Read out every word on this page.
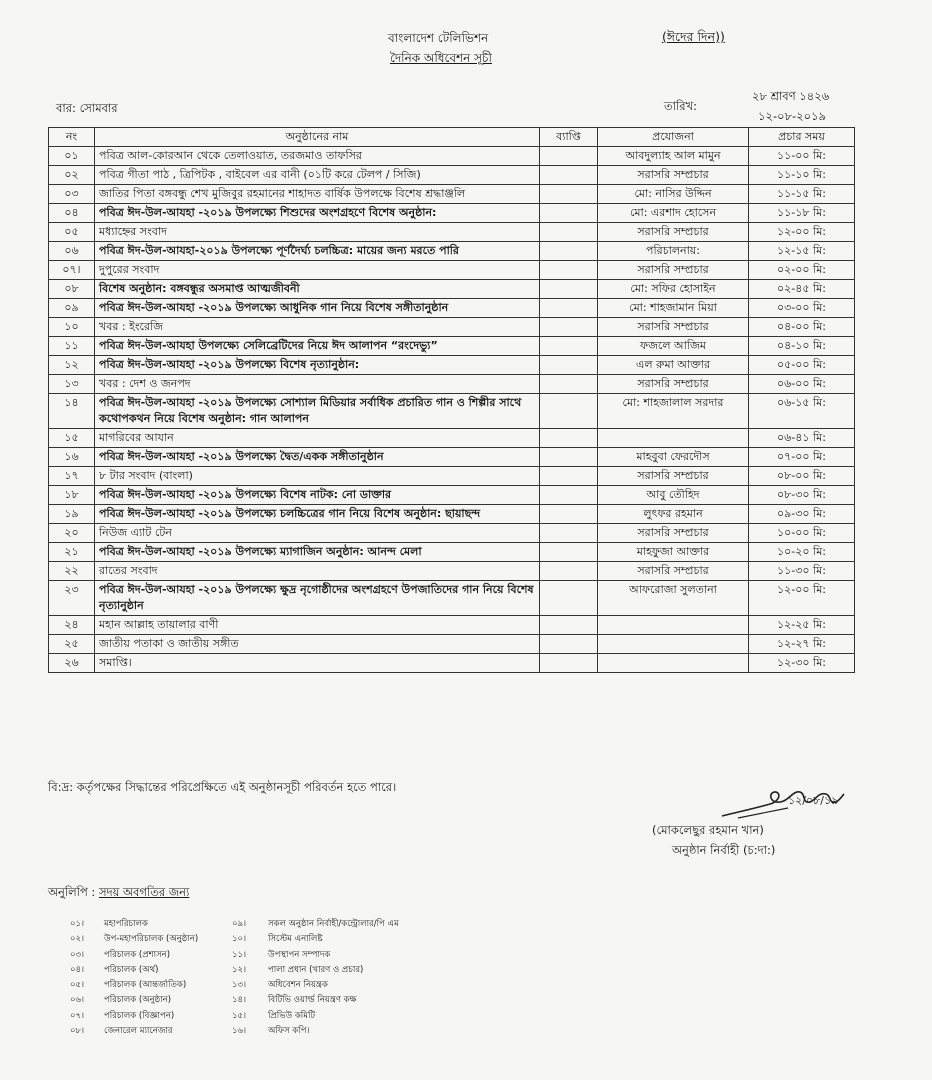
বাংলাদেশ টেলিভিশন	(ঈদের দিন))
দৈনিক অধিবেশন সূচী
বার: সোমবার	তারিখ:
২৮ শ্রাবণ ১৪২৬
১২-০৮-২০১৯
নং	অনুষ্ঠানের নাম	ব্যাপ্তি	প্রযোজনা	প্রচার সময়
০১	পবিত্র আল-কোরআন থেকে তেলাওয়াত, তরজমাও তাফসির		আবদুল্যাহ আল মামুন	১১-০০ মি:
০২	পবিত্র গীতা পাঠ , ত্রিপিটক , বাইবেল এর বানী (০১টি করে টেলপ / সিজি)		সরাসরি সম্প্রচার	১১-১০ মি:
০৩	জাতির পিতা বঙ্গবন্ধু শেখ মুজিবুর রহমানের শাহাদত বার্ষিক উপলক্ষে বিশেষ শ্রদ্ধাঞ্জলি		মো: নাসির উদ্দিন	১১-১৫ মি:
০৪	পবিত্র ঈদ-উল-আযহা -২০১৯ উপলক্ষ্যে শিশুদের অংশগ্রহণে বিশেষ অনুষ্ঠান:		মো: এরশাদ হোসেন	১১-১৮ মি:
০৫	মধ্যাহ্নের সংবাদ		সরাসরি সম্প্রচার	১২-০০ মি:
০৬	পবিত্র ঈদ-উল-আযহা-২০১৯ উপলক্ষ্যে পূর্ণদৈর্ঘ্য চলচ্চিত্র: মায়ের জন্য মরতে পারি		পরিচালনায়:	১২-১৫ মি:
০৭।	দুপুরের সংবাদ		সরাসরি সম্প্রচার	০২-০০ মি:
০৮	বিশেষ অনুষ্ঠান: বঙ্গবন্ধুর অসমাপ্ত আত্মজীবনী		মো: সফির হোসাইন	০২-৪৫ মি:
০৯	পবিত্র ঈদ-উল-আযহা -২০১৯ উপলক্ষ্যে আধুনিক গান নিয়ে বিশেষ সঙ্গীতানুষ্ঠান		মো: শাহজামান মিয়া	০৩-০০ মি:
১০	খবর : ইংরেজি		সরাসরি সম্প্রচার	০৪-০০ মি:
১১	পবিত্র ঈদ-উল-আযহা উপলক্ষ্যে সেলিব্রেটিদের নিয়ে ঈদ আলাপন “রংদেভ্যু”		ফজলে আজিম	০৪-১০ মি:
১২	পবিত্র ঈদ-উল-আযহা -২০১৯ উপলক্ষ্যে বিশেষ নৃত্যানুষ্ঠান:		এল রুমা আক্তার	০৫-০০ মি:
১৩	খবর : দেশ ও জনপদ		সরাসরি সম্প্রচার	০৬-০০ মি:
১৪	পবিত্র ঈদ-উল-আযহা -২০১৯ উপলক্ষ্যে সোশ্যাল মিডিয়ার সর্বাধিক প্রচারিত গান ও শিল্পীর সাথে কথোপকথন নিয়ে বিশেষ অনুষ্ঠান: গান আলাপন		মো: শাহজালাল সরদার	০৬-১৫ মি:
১৫	মাগরিবের আযান			০৬-৪১ মি:
১৬	পবিত্র ঈদ-উল-আযহা -২০১৯ উপলক্ষ্যে দ্বৈত/একক সঙ্গীতানুষ্ঠান		মাহবুবা ফেরদৌস	০৭-০০ মি:
১৭	৮ টার সংবাদ (বাংলা)		সরাসরি সম্প্রচার	০৮-০০ মি:
১৮	পবিত্র ঈদ-উল-আযহা -২০১৯ উপলক্ষ্যে বিশেষ নাটক: নো ডাক্তার		আবু তৌহিদ	০৮-৩০ মি:
১৯	পবিত্র ঈদ-উল-আযহা -২০১৯ উপলক্ষ্যে চলচ্চিত্রের গান নিয়ে বিশেষ অনুষ্ঠান: ছায়াছন্দ		লুৎফর রহমান	০৯-৩০ মি:
২০	নিউজ এ্যাট টেন		সরাসরি সম্প্রচার	১০-০০ মি:
২১	পবিত্র ঈদ-উল-আযহা -২০১৯ উপলক্ষ্যে ম্যাগাজিন অনুষ্ঠান: আনন্দ মেলা		মাহফুজা আক্তার	১০-২০ মি:
২২	রাতের সংবাদ		সরাসরি সম্প্রচার	১১-৩০ মি:
২৩	পবিত্র ঈদ-উল-আযহা -২০১৯ উপলক্ষ্যে ক্ষুদ্র নৃগোষ্ঠীদের অংশগ্রহণে উপজাতিদের গান নিয়ে বিশেষ নৃত্যানুষ্ঠান		আফরোজা সুলতানা	১২-০০ মি:
২৪	মহান আল্লাহ তায়ালার বাণী			১২-২৫ মি:
২৫	জাতীয় পতাকা ও জাতীয় সঙ্গীত			১২-২৭ মি:
২৬	সমাপ্তি।			১২-৩০ মি:
বি:দ্র: কর্তৃপক্ষের সিদ্ধান্তের পরিপ্রেক্ষিতে এই অনুষ্ঠানসূচী পরিবর্তন হতে পারে।
১২/০৮/১৯
(মোকলেছুর রহমান খান)
অনুষ্ঠান নির্বাহী (চ:দা:)
অনুলিপি : সদয় অবগতির জন্য
০১।
০২।
০৩।
০৪।
০৫।
০৬।
০৭।
০৮।
মহাপরিচালক
উপ-মহাপরিচালক (অনুষ্ঠান)
পরিচালক (প্রশাসন)
পরিচালক (অর্থ)
পরিচালক (আন্তর্জাতিক)
পরিচালক (অনুষ্ঠান)
পরিচালক (বিজ্ঞাপন)
জেনারেল ম্যানেজার
০৯।
১০।
১১।
১২।
১৩।
১৪।
১৫।
১৬।
সকল অনুষ্ঠান নির্বাহী/কন্ট্রোলার/পি এম
সিস্টেম এনালিষ্ট
উপস্থাপন সম্পাদক
পালা প্রধান (খারণ ও প্রচার)
অধিবেশন নিয়ন্ত্রক
বিটিভি ওয়ার্ল্ড নিয়ন্ত্রণ কক্ষ
প্রিভিউ কমিটি
অফিস কপি।
